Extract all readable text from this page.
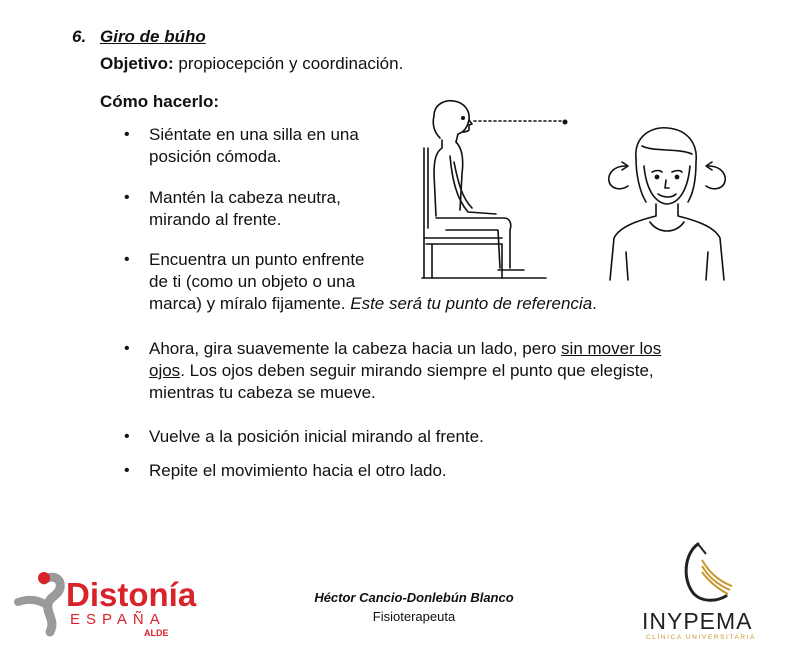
6. Giro de búho
Objetivo: propiocepción y coordinación.
Cómo hacerlo:
• Siéntate en una silla en una
posición cómoda.
• Mantén la cabeza neutra,
mirando al frente.
• Encuentra un punto enfrente
de ti (como un objeto o una
marca) y míralo fijamente. Este será tu punto de referencia.
• Ahora, gira suavemente la cabeza hacia un lado, pero sin mover los
ojos. Los ojos deben seguir mirando siempre el punto que elegiste,
mientras tu cabeza se mueve.
• Vuelve a la posición inicial mirando al frente.
• Repite el movimiento hacia el otro lado.
Héctor Cancio-Donlebún Blanco
Fisioterapeuta
Distonía
ESPAÑA
ALDE	INYPEMA
CLÍNICA UNIVERSITARIA
